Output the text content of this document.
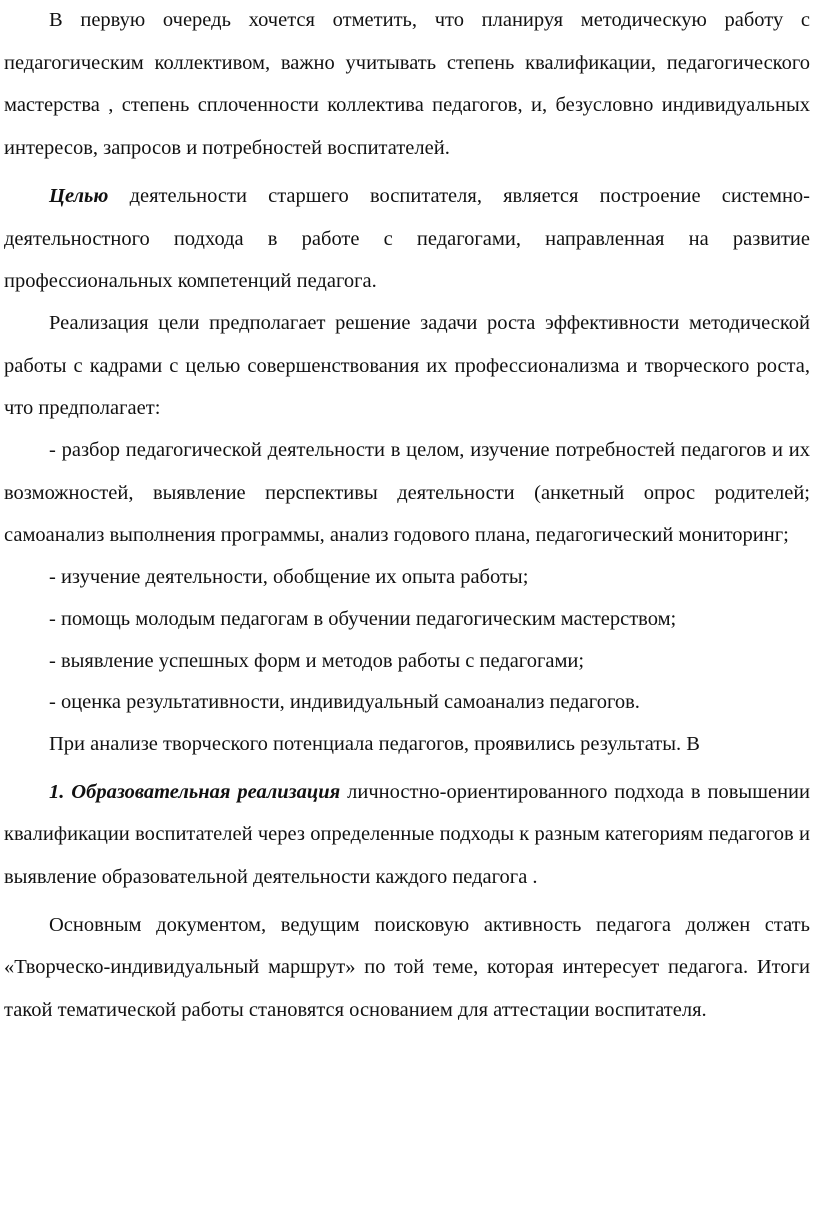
В первую очередь хочется отметить, что планируя методическую работу с педагогическим коллективом, важно учитывать степень квалификации, педагогического мастерства , степень сплоченности коллектива педагогов, и, безусловно индивидуальных интересов, запросов и потребностей воспитателей.

Целью деятельности старшего воспитателя, является построение системно-деятельностного подхода в работе с педагогами, направленная на развитие профессиональных компетенций педагога.

Реализация цели предполагает решение задачи роста эффективности методической работы с кадрами с целью совершенствования их профессионализма и творческого роста, что предполагает:

- разбор педагогической деятельности в целом, изучение потребностей педагогов и их возможностей, выявление перспективы деятельности (анкетный опрос родителей; самоанализ выполнения программы, анализ годового плана, педагогический мониторинг;

- изучение деятельности, обобщение их опыта работы;

- помощь молодым педагогам в обучении педагогическим мастерством;

- выявление успешных форм и методов работы с педагогами;

- оценка результативности, индивидуальный самоанализ педагогов.

При анализе творческого потенциала педагогов, проявились результаты. В

1. Образовательная реализация личностно-ориентированного подхода в повышении квалификации воспитателей через определенные подходы к разным категориям педагогов и выявление образовательной деятельности каждого педагога .

Основным документом, ведущим поисковую активность педагога должен стать «Творческо-индивидуальный маршрут» по той теме, которая интересует педагога. Итоги такой тематической работы становятся основанием для аттестации воспитателя.
